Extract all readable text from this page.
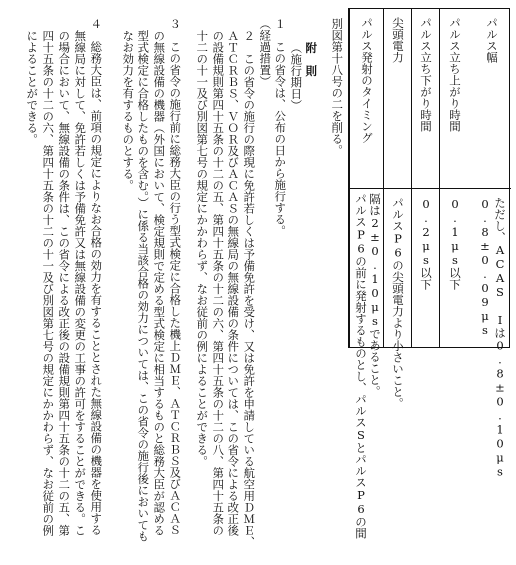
パルス幅
0.8±0.09μs ただし、ACAS Iは0.8±0.10μs
パルス立ち上がり時間
0.1μs以下
パルス立ち下がり時間
0.2μs以下
尖頭電力
パルスP6の尖頭電力より小さいこと。
パルス発射のタイミング
パルスP6の前に発射するものとし、パルスSとパルスP6の間 隔は2±0.10μsであること。
別図第十八号の二を削る。
附　則
（施行期日）
１　この省令は、公布の日から施行する。
（経過措置）
２　この省令の施行の際現に免許若しくは予備免許を受け、又は免許を申請している航空用ＤＭＥ、
ＡＴＣＲＢＳ、ＶＯＲ及びＡＣＡＳの無線局の無線設備の条件については、この省令による改正後
の設備規則第四十五条の十二の五、第四十五条の十二の六、第四十五条の十二の八、第四十五条の
十二の十一及び別図第七号の規定にかかわらず、なお従前の例によることができる。
３　この省令の施行前に総務大臣の行う型式検定に合格した機上ＤＭＥ、ＡＴＣＲＢＳ及びＡＣＡＳ
の無線設備の機器（外国において、検定規則で定める型式検定に相当するものと総務大臣が認める
型式検定に合格したものを含む。）に係る当該合格の効力については、この省令の施行後においても
なお効力を有するものとする。
４　総務大臣は、前項の規定によりなお合格の効力を有することとされた無線設備の機器を使用する
無線局に対して、免許若しくは予備免許又は無線設備の変更の工事の許可をすることができる。こ
の場合において、無線設備の条件は、この省令による改正後の設備規則第四十五条の十二の五、第
四十五条の十二の六、第四十五条の十二の十一及び別図第七号の規定にかかわらず、なお従前の例
によることができる。
